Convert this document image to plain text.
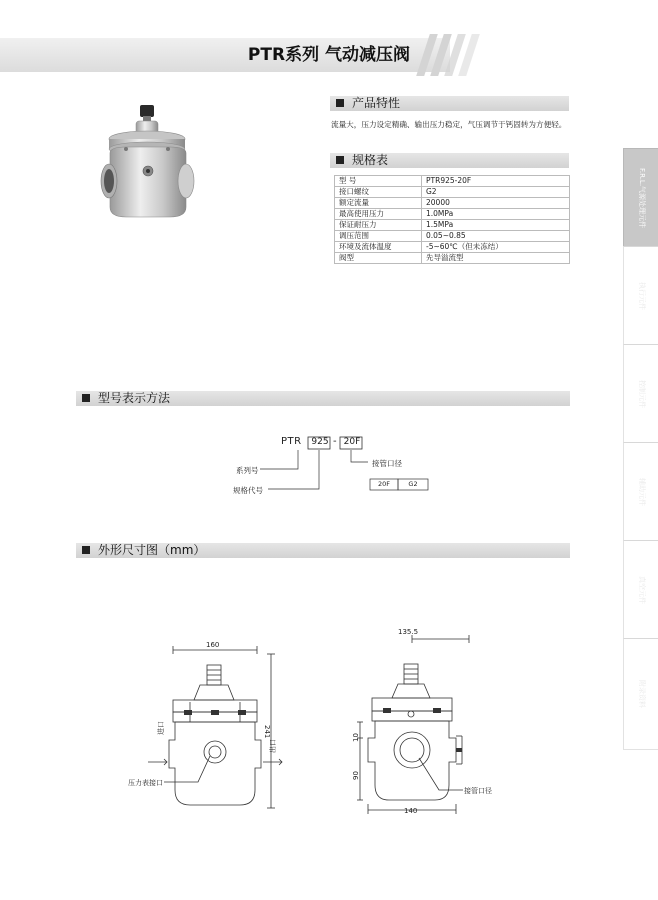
PTR系列 气动减压阀
产品特性
流量大，压力设定精确、输出压力稳定，气压调节于钙固转为方便轻。
规格表
型 号	PTR925-20F
接口螺纹	G2
额定流量	20000
最高使用压力	1.0MPa
保证耐压力	1.5MPa
调压范围	0.05~0.85
环境及流体温度	-5~60℃（但未冻结）
阀型	先导溢流型
F.R.L.气源处理元件
执行元件
控制元件
辅助元件
真空元件
附录资料
型号表示方法
PTR 925 - 20F
系列号
规格代号
接管口径
20F	G2
外形尺寸图（mm）
160
241
进口
出口
压力表接口
135.5
140
10
90
接管口径
